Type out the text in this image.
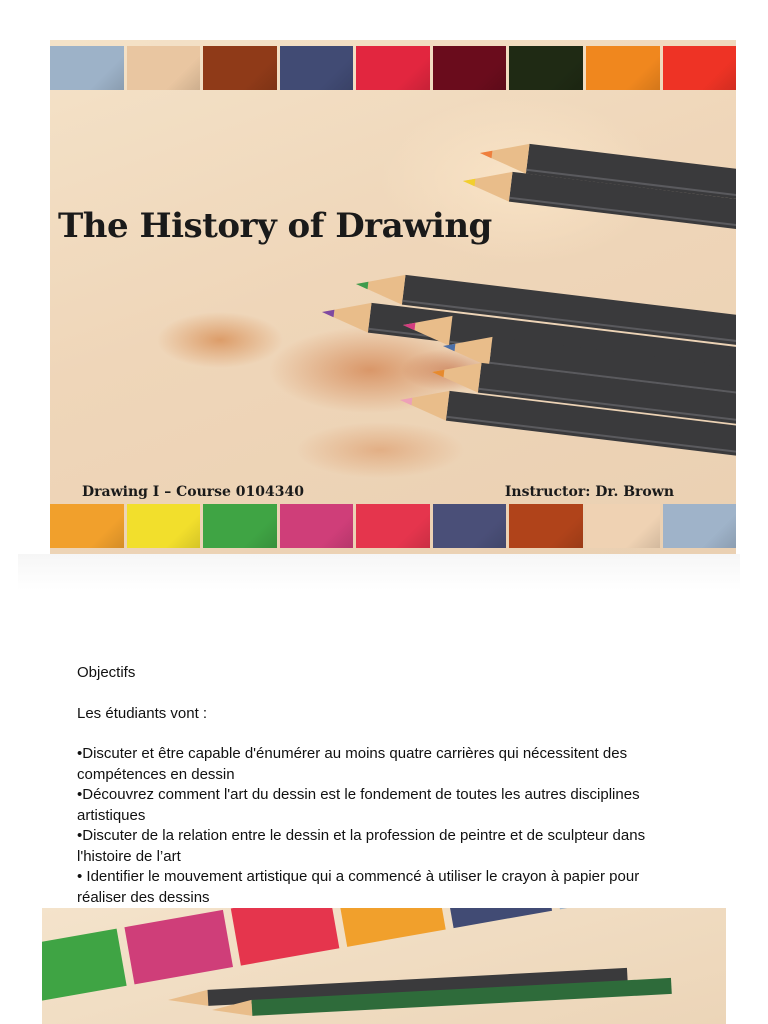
The History of Drawing
Drawing I – Course 0104340	Instructor: Dr. Brown

Objectifs

Les étudiants vont :

•Discuter et être capable d'énumérer au moins quatre carrières qui nécessitent des compétences en dessin

•Découvrez comment l'art du dessin est le fondement de toutes les autres disciplines artistiques

•Discuter de la relation entre le dessin et la profession de peintre et de sculpteur dans l'histoire de l’art

• Identifier le mouvement artistique qui a commencé à utiliser le crayon à papier pour réaliser des dessins
